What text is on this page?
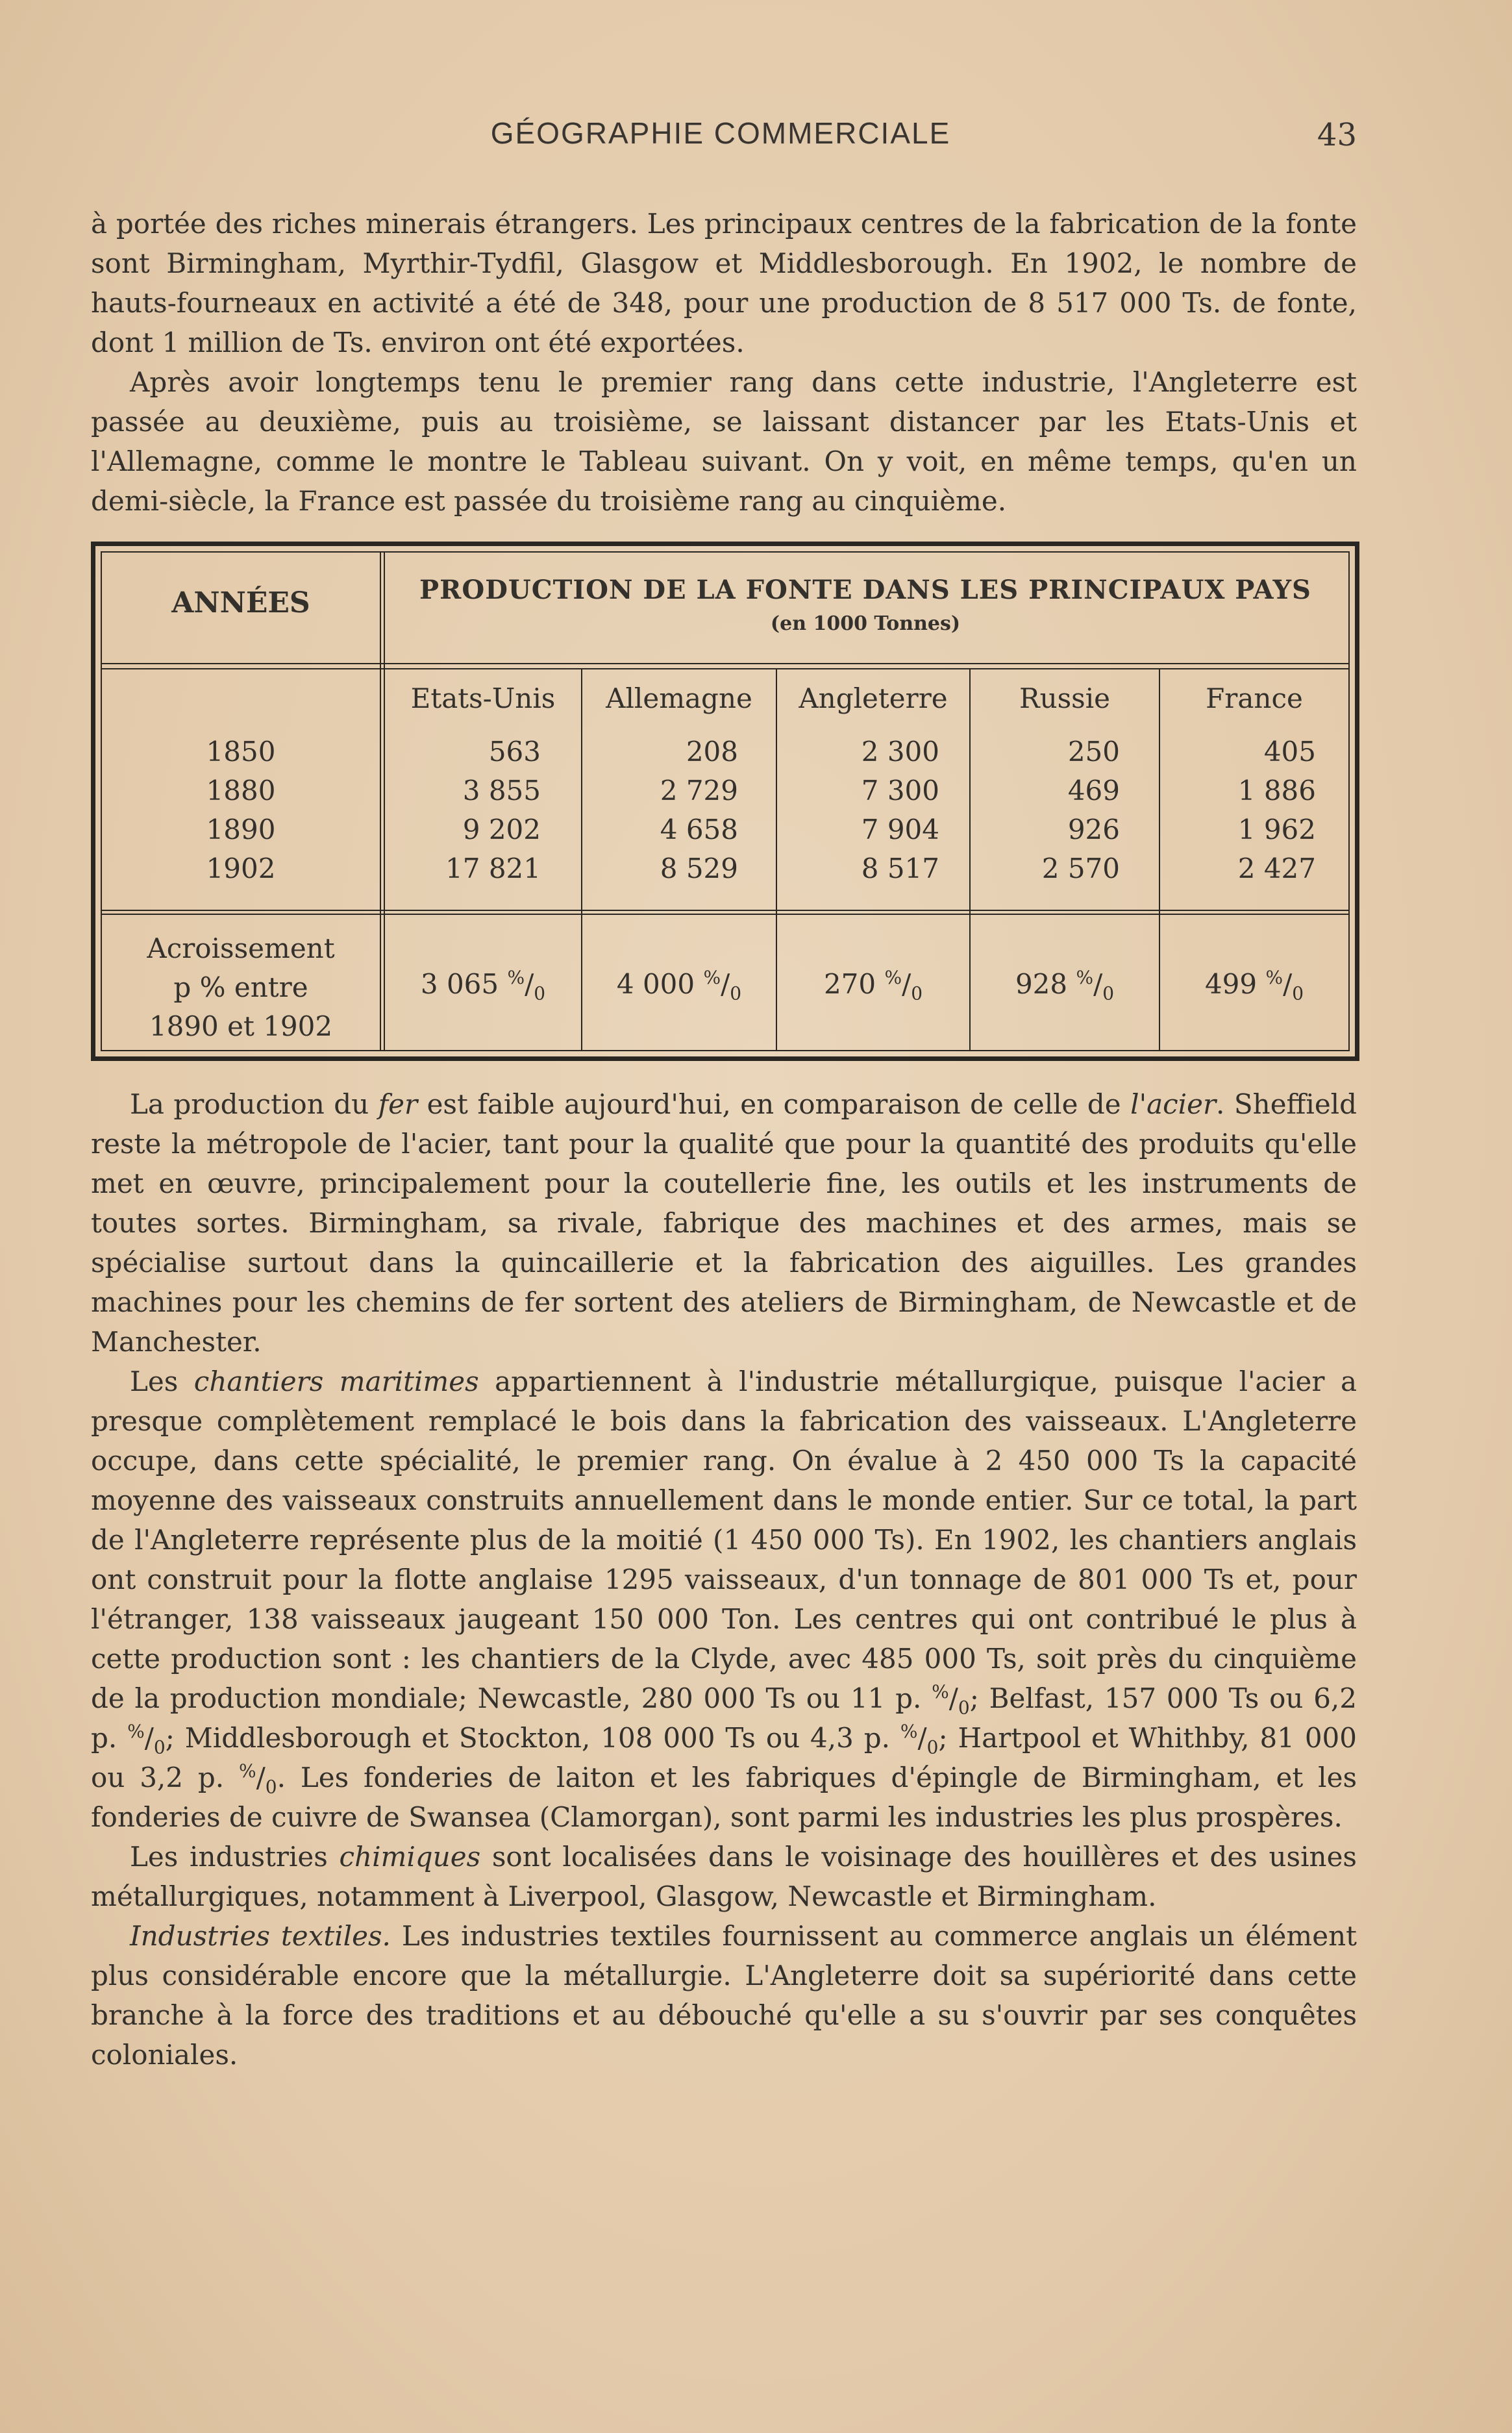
GÉOGRAPHIE COMMERCIALE	43

à portée des riches minerais étrangers. Les principaux centres de la fabrication de la fonte sont Birmingham, Myrthir-Tydfil, Glasgow et Middlesborough. En 1902, le nombre de hauts-fourneaux en activité a été de 348, pour une production de 8 517 000 Ts. de fonte, dont 1 million de Ts. environ ont été exportées.

Après avoir longtemps tenu le premier rang dans cette industrie, l'Angleterre est passée au deuxième, puis au troisième, se laissant distancer par les Etats-Unis et l'Allemagne, comme le montre le Tableau suivant. On y voit, en même temps, qu'en un demi-siècle, la France est passée du troisième rang au cinquième.

ANNÉES	PRODUCTION DE LA FONTE DANS LES PRINCIPAUX PAYS
(en 1000 Tonnes)
Etats-Unis	Allemagne	Angleterre	Russie	France
1850	563	208	2 300	250	405
1880	3 855	2 729	7 300	469	1 886
1890	9 202	4 658	7 904	926	1 962
1902	17 821	8 529	8 517	2 570	2 427
Acroissement
p % entre
1890 et 1902
3 065 $^{\%}/_0$	4 000 $^{\%}/_0$	270 $^{\%}/_0$	928 $^{\%}/_0$	499 $^{\%}/_0$

La production du fer est faible aujourd'hui, en comparaison de celle de l'acier. Sheffield reste la métropole de l'acier, tant pour la qualité que pour la quantité des produits qu'elle met en œuvre, principalement pour la coutellerie fine, les outils et les instruments de toutes sortes. Birmingham, sa rivale, fabrique des machines et des armes, mais se spécialise surtout dans la quincaillerie et la fabrication des aiguilles. Les grandes machines pour les chemins de fer sortent des ateliers de Birmingham, de Newcastle et de Manchester.

Les chantiers maritimes appartiennent à l'industrie métallurgique, puisque l'acier a presque complètement remplacé le bois dans la fabrication des vaisseaux. L'Angleterre occupe, dans cette spécialité, le premier rang. On évalue à 2 450 000 Ts la capacité moyenne des vaisseaux construits annuellement dans le monde entier. Sur ce total, la part de l'Angleterre représente plus de la moitié (1 450 000 Ts). En 1902, les chantiers anglais ont construit pour la flotte anglaise 1295 vaisseaux, d'un tonnage de 801 000 Ts et, pour l'étranger, 138 vaisseaux jaugeant 150 000 Ton. Les centres qui ont contribué le plus à cette production sont : les chantiers de la Clyde, avec 485 000 Ts, soit près du cinquième de la production mondiale; Newcastle, 280 000 Ts ou 11 p. $^{\%}/_0$; Belfast, 157 000 Ts ou 6,2 p. $^{\%}/_0$; Middlesborough et Stockton, 108 000 Ts ou 4,3 p. $^{\%}/_0$; Hartpool et Whithby, 81 000 ou 3,2 p. $^{\%}/_0$. Les fonderies de laiton et les fabriques d'épingle de Birmingham, et les fonderies de cuivre de Swansea (Clamorgan), sont parmi les industries les plus prospères.

Les industries chimiques sont localisées dans le voisinage des houillères et des usines métallurgiques, notamment à Liverpool, Glasgow, Newcastle et Birmingham.

Industries textiles. Les industries textiles fournissent au commerce anglais un élément plus considérable encore que la métallurgie. L'Angleterre doit sa supériorité dans cette branche à la force des traditions et au débouché qu'elle a su s'ouvrir par ses conquêtes coloniales.
